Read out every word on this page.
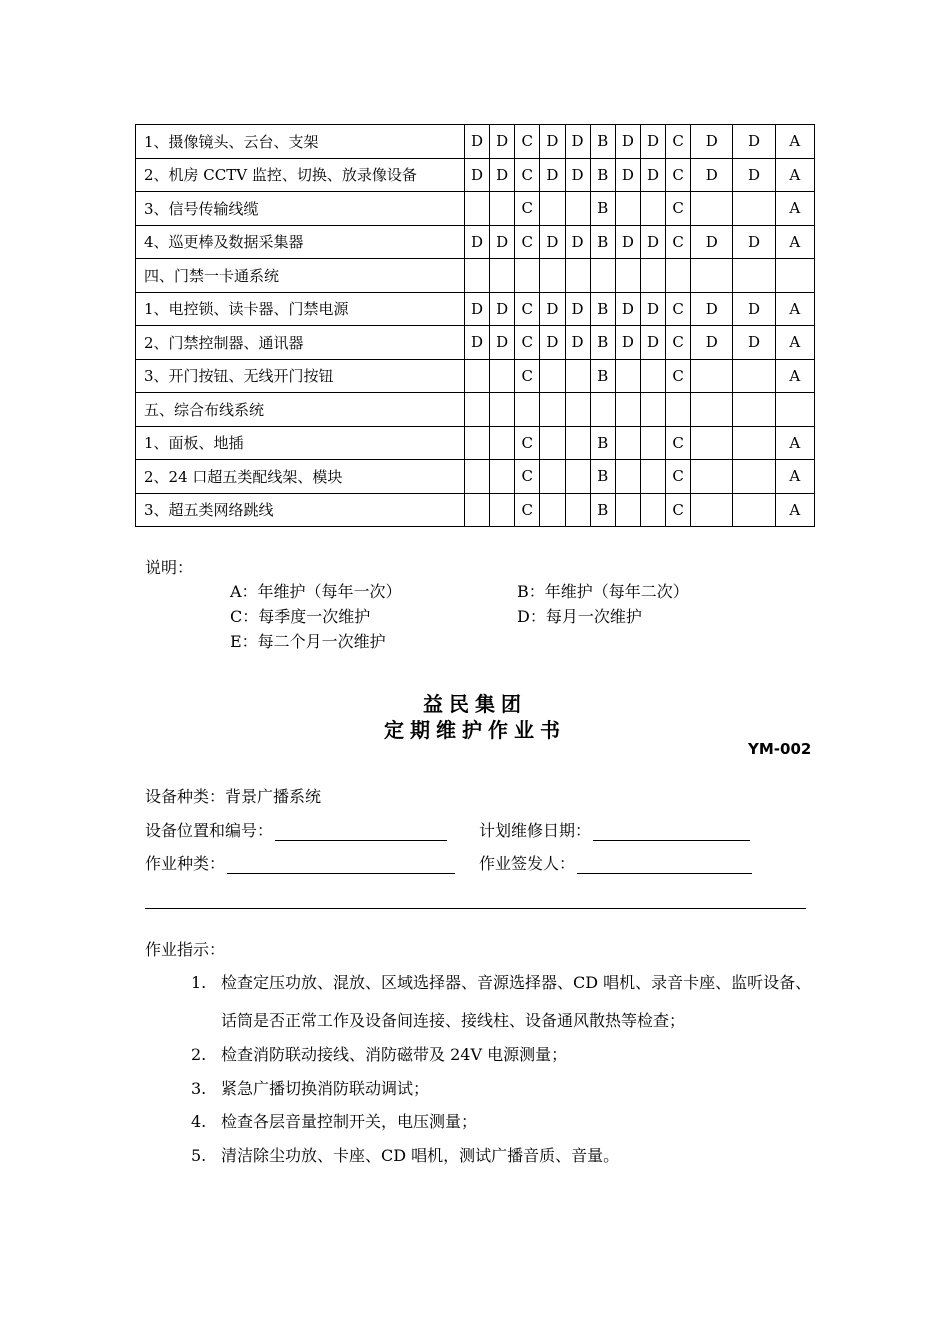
1、摄像镜头、云台、支架	D	D	C	D	D	B	D	D	C	D	D	A
2、机房 CCTV 监控、切换、放录像设备	D	D	C	D	D	B	D	D	C	D	D	A
3、信号传输线缆			C			B			C			A
4、巡更棒及数据采集器	D	D	C	D	D	B	D	D	C	D	D	A
四、门禁一卡通系统												
1、电控锁、读卡器、门禁电源	D	D	C	D	D	B	D	D	C	D	D	A
2、门禁控制器、通讯器	D	D	C	D	D	B	D	D	C	D	D	A
3、开门按钮、无线开门按钮			C			B			C			A
五、综合布线系统												
1、面板、地插			C			B			C			A
2、24 口超五类配线架、模块			C			B			C			A
3、超五类网络跳线			C			B			C			A
说明：
A：年维护（每年一次）	B：年维护（每年二次）
C：每季度一次维护	D：每月一次维护
E：每二个月一次维护
益民集团
定期维护作业书
YM-002
设备种类：背景广播系统
设备位置和编号：	计划维修日期：
作业种类：	作业签发人：
作业指示：
1. 检查定压功放、混放、区域选择器、音源选择器、CD 唱机、录音卡座、监听设备、
话筒是否正常工作及设备间连接、接线柱、设备通风散热等检查；
2. 检查消防联动接线、消防磁带及 24V 电源测量；
3. 紧急广播切换消防联动调试；
4. 检查各层音量控制开关，电压测量；
5. 清洁除尘功放、卡座、CD 唱机，测试广播音质、音量。
